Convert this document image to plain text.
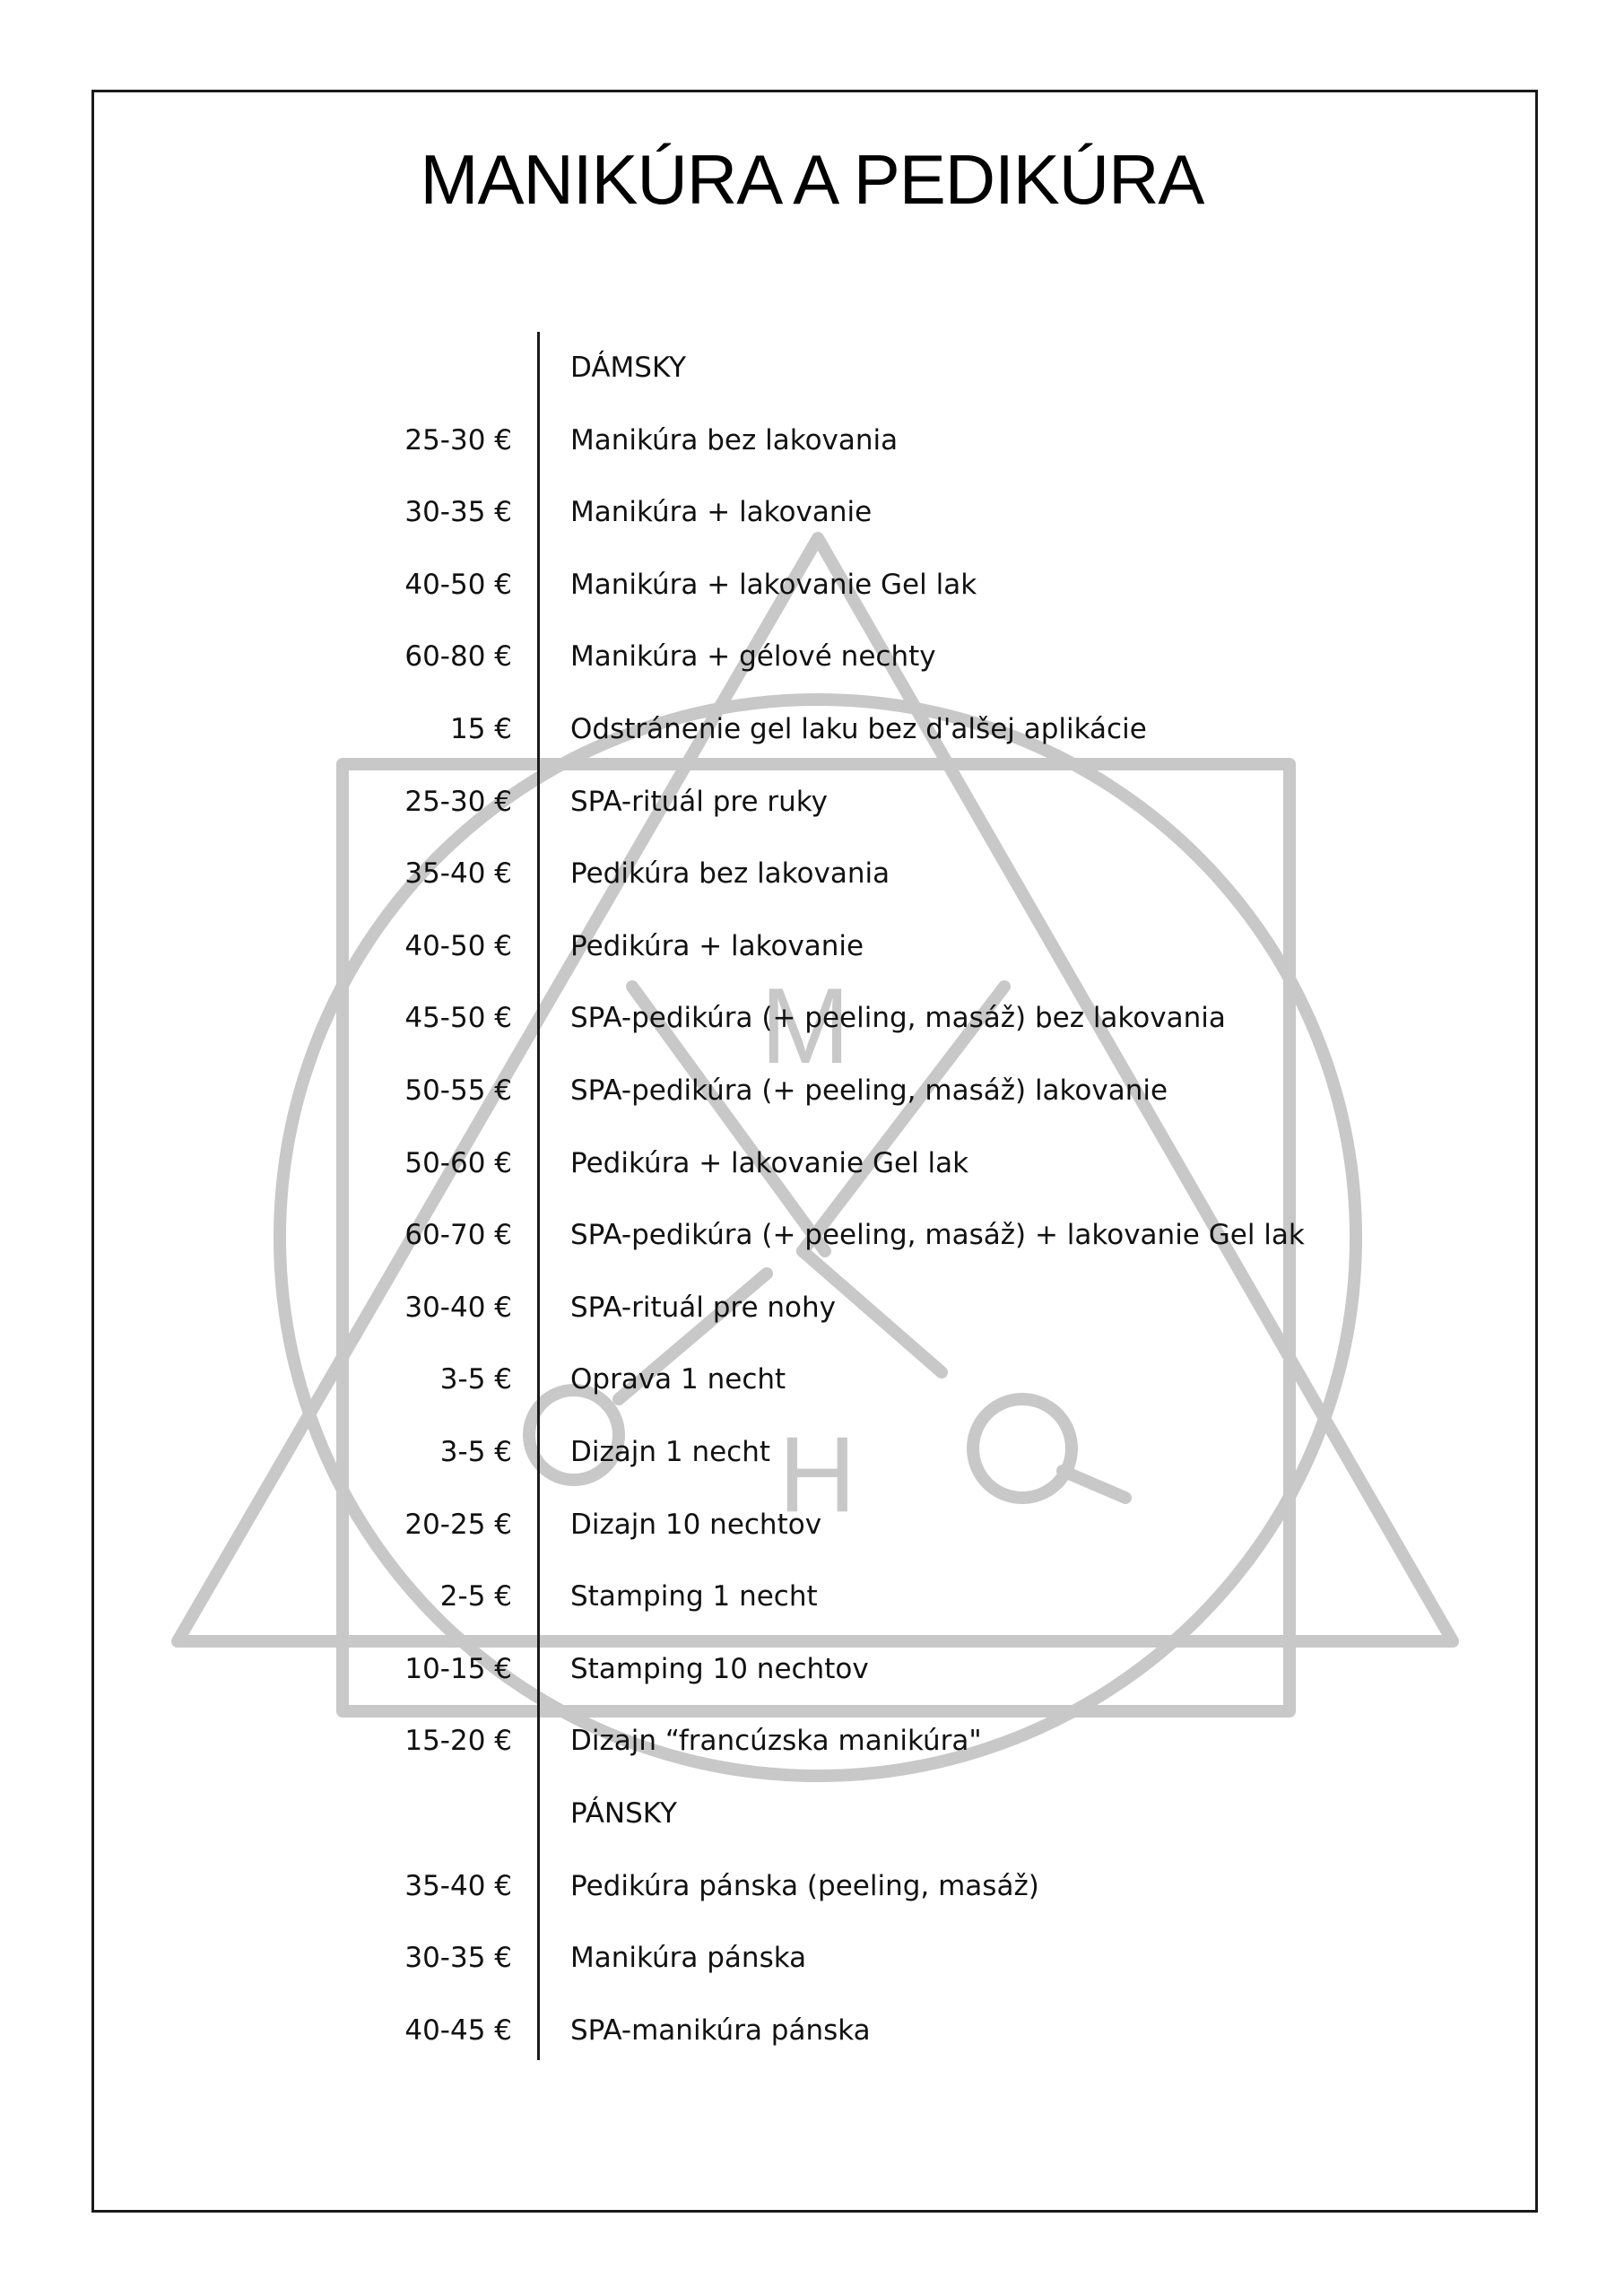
M
H
MANIKÚRA A PEDIKÚRA
DÁMSKY
25-30 € Manikúra bez lakovania
30-35 € Manikúra + lakovanie
40-50 € Manikúra + lakovanie Gel lak
60-80 € Manikúra + gélové nechty
15 € Odstránenie gel laku bez d'alšej aplikácie
25-30 € SPA-rituál pre ruky
35-40 € Pedikúra bez lakovania
40-50 € Pedikúra + lakovanie
45-50 € SPA-pedikúra (+ peeling, masáž) bez lakovania
50-55 € SPA-pedikúra (+ peeling, masáž) lakovanie
50-60 € Pedikúra + lakovanie Gel lak
60-70 € SPA-pedikúra (+ peeling, masáž) + lakovanie Gel lak
30-40 € SPA-rituál pre nohy
3-5 € Oprava 1 necht
3-5 € Dizajn 1 necht
20-25 € Dizajn 10 nechtov
2-5 € Stamping 1 necht
10-15 € Stamping 10 nechtov
15-20 € Dizajn “francúzska manikúra"
PÁNSKY
35-40 € Pedikúra pánska (peeling, masáž)
30-35 € Manikúra pánska
40-45 € SPA-manikúra pánska
